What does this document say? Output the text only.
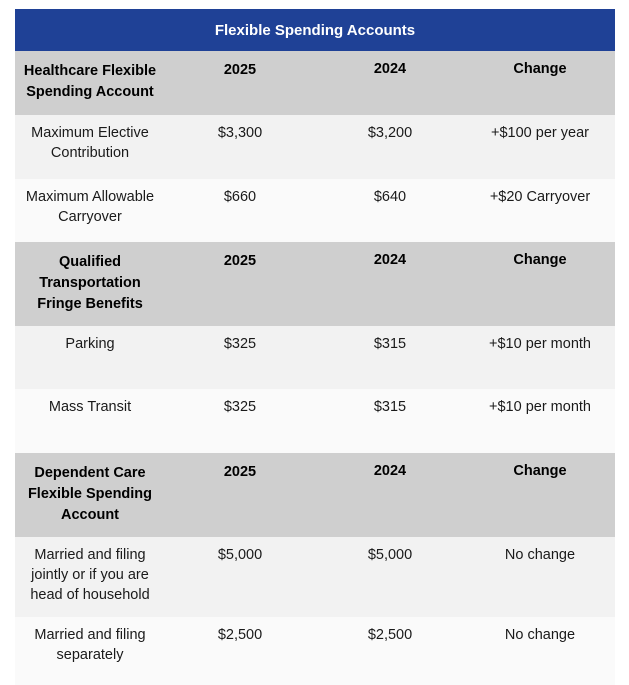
Flexible Spending Accounts			

Healthcare Flexible Spending Account	2025	2024	Change

Maximum Elective Contribution	$3,300	$3,200	+$100 per year

Maximum Allowable Carryover	$660	$640	+$20 Carryover

Qualified Transportation Fringe Benefits	2025	2024	Change

Parking	$325	$315	+$10 per month

Mass Transit	$325	$315	+$10 per month

Dependent Care Flexible Spending Account	2025	2024	Change

Married and filing jointly or if you are head of household	$5,000	$5,000	No change

Married and filing separately	$2,500	$2,500	No change
